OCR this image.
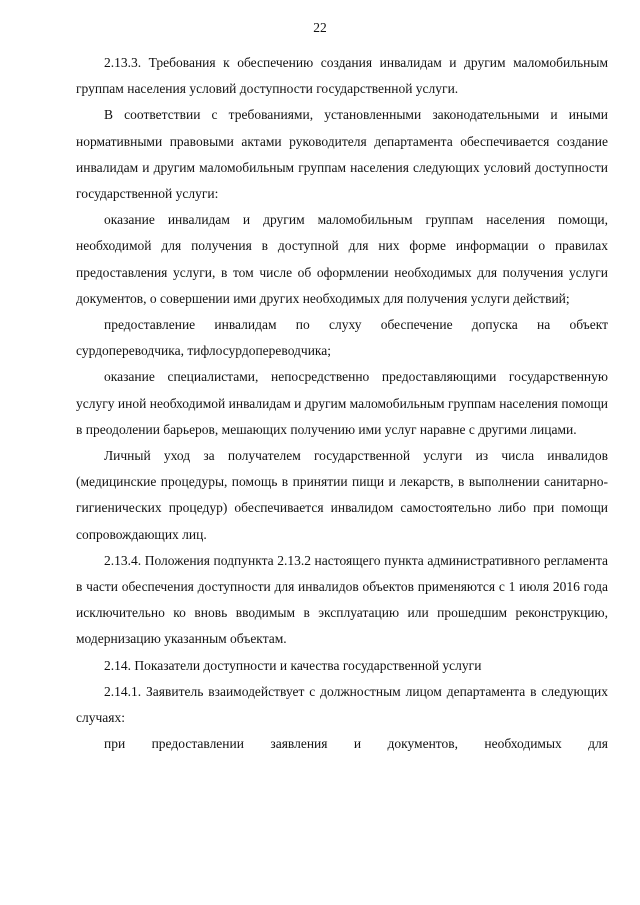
22

2.13.3. Требования к обеспечению создания инвалидам и другим маломобильным группам населения условий доступности государственной услуги.

В соответствии с требованиями, установленными законодательными и иными нормативными правовыми актами руководителя департамента обеспечивается создание инвалидам и другим маломобильным группам населения следующих условий доступности государственной услуги:

оказание инвалидам и другим маломобильным группам населения помощи, необходимой для получения в доступной для них форме информации о правилах предоставления услуги, в том числе об оформлении необходимых для получения услуги документов, о совершении ими других необходимых для получения услуги действий;

предоставление инвалидам по слуху обеспечение допуска на объект сурдопереводчика, тифлосурдопереводчика;

оказание специалистами, непосредственно предоставляющими государственную услугу иной необходимой инвалидам и другим маломобильным группам населения помощи в преодолении барьеров, мешающих получению ими услуг наравне с другими лицами.

Личный уход за получателем государственной услуги из числа инвалидов (медицинские процедуры, помощь в принятии пищи и лекарств, в выполнении санитарно-гигиенических процедур) обеспечивается инвалидом самостоятельно либо при помощи сопровождающих лиц.

2.13.4. Положения подпункта 2.13.2 настоящего пункта административного регламента в части обеспечения доступности для инвалидов объектов применяются с 1 июля 2016 года исключительно ко вновь вводимым в эксплуатацию или прошедшим реконструкцию, модернизацию указанным объектам.

2.14. Показатели доступности и качества государственной услуги

2.14.1. Заявитель взаимодействует с должностным лицом департамента в следующих случаях:

при предоставлении заявления и документов, необходимых для
